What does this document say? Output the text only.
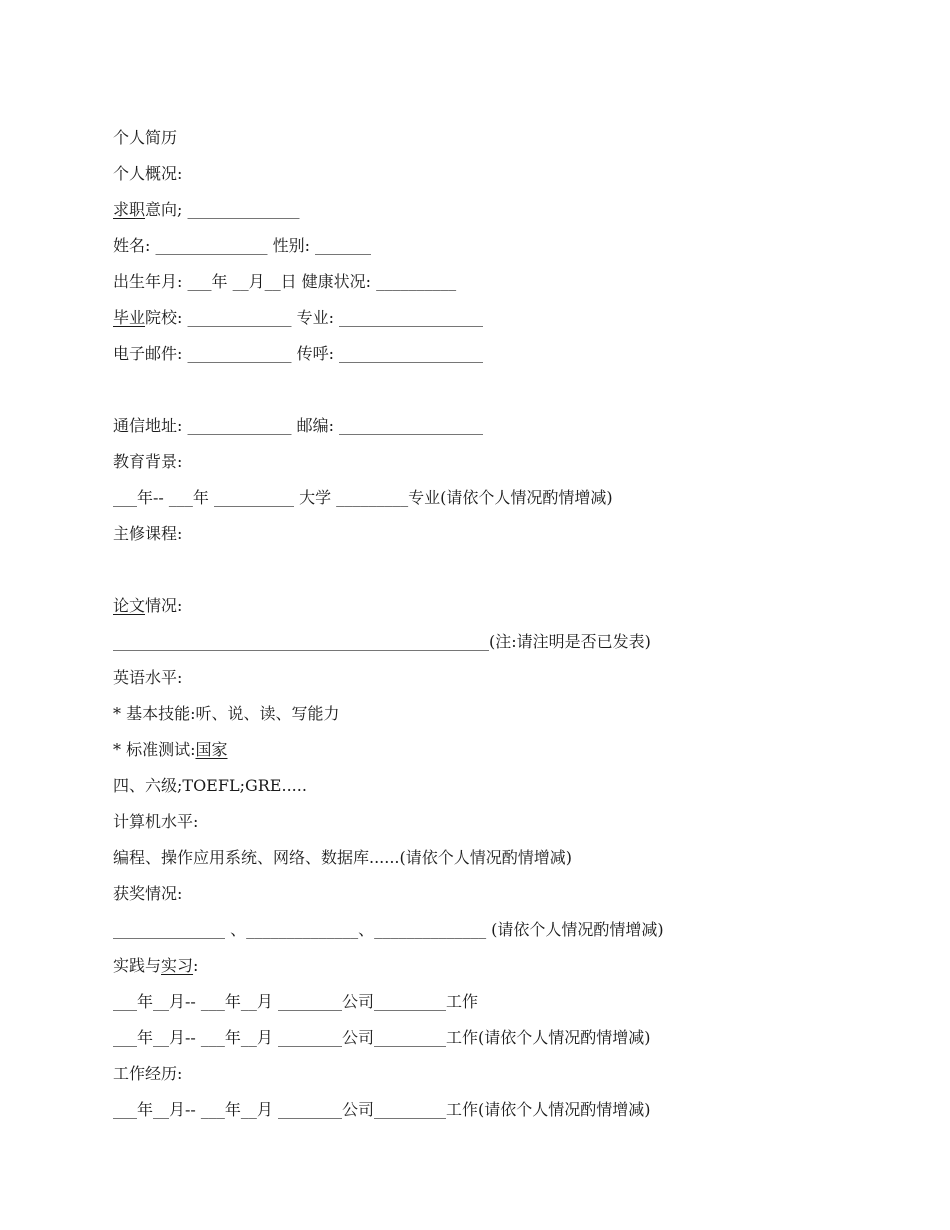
个人简历
个人概况:
求职意向; ______________
姓名: ______________ 性别: _______
出生年月: ___年 __月__日 健康状况: __________
毕业院校: _____________ 专业: __________________
电子邮件: _____________ 传呼: __________________
通信地址: _____________ 邮编: __________________
教育背景:
___年-- ___年 __________ 大学 _________专业(请依个人情况酌情增减)
主修课程:
论文情况:
_______________________________________________(注:请注明是否已发表)
英语水平:
* 基本技能:听、说、读、写能力
* 标准测试:国家
四、六级;TOEFL;GRE.....
计算机水平:
编程、操作应用系统、网络、数据库......(请依个人情况酌情增减)
获奖情况:
______________ 、______________、______________ (请依个人情况酌情增减)
实践与实习:
___年__月-- ___年__月 ________公司_________工作
___年__月-- ___年__月 ________公司_________工作(请依个人情况酌情增减)
工作经历:
___年__月-- ___年__月 ________公司_________工作(请依个人情况酌情增减)
